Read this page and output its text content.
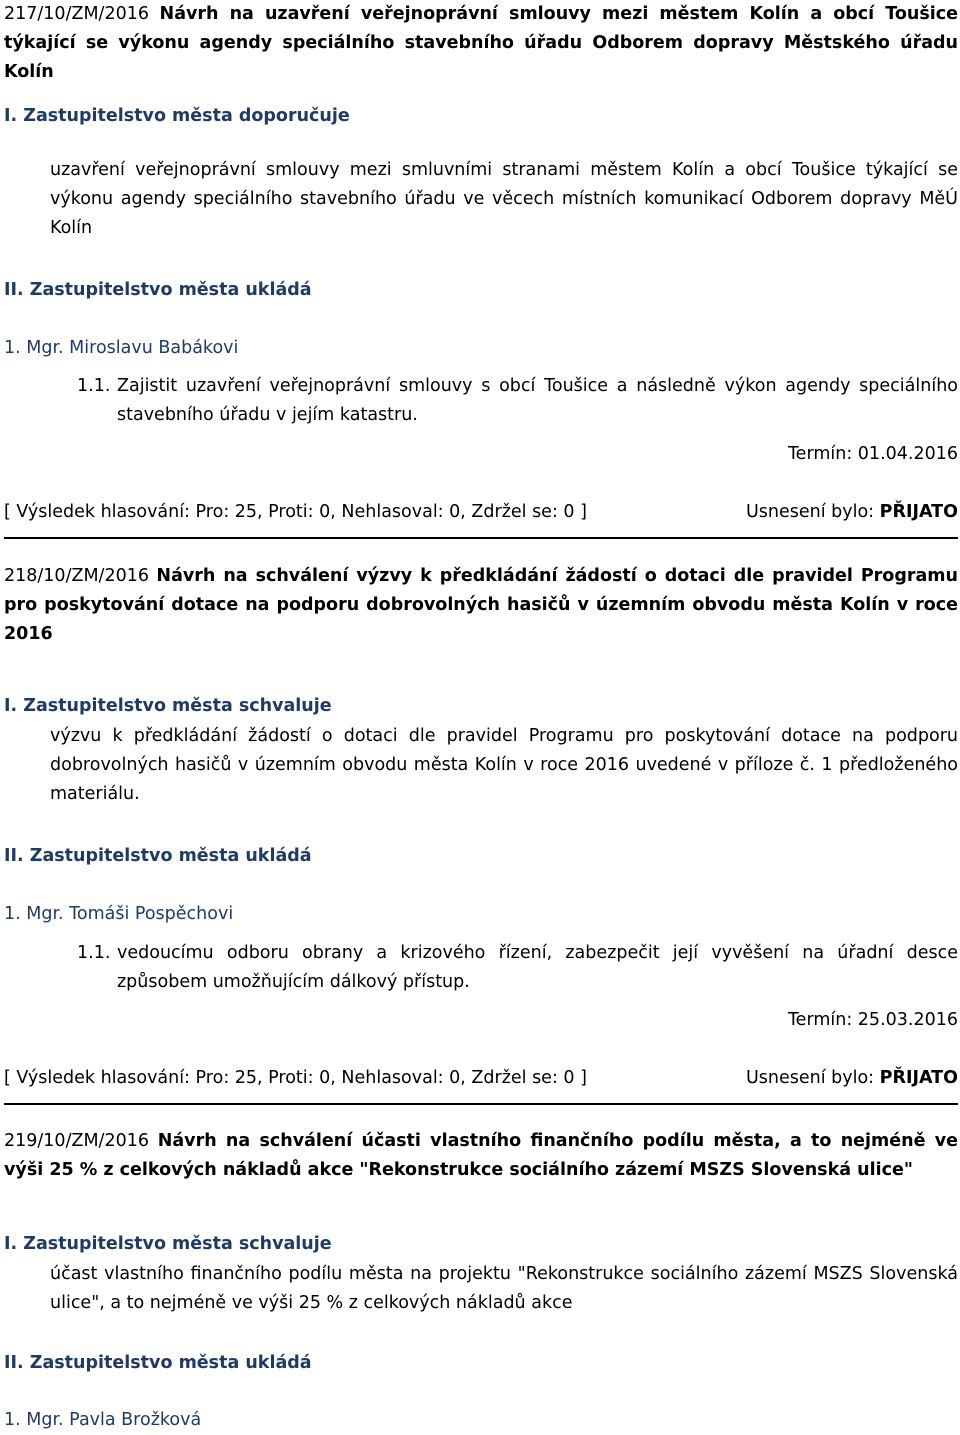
217/10/ZM/2016 Návrh na uzavření veřejnoprávní smlouvy mezi městem Kolín a obcí Toušice týkající se výkonu agendy speciálního stavebního úřadu Odborem dopravy Městského úřadu Kolín
I. Zastupitelstvo města doporučuje
uzavření veřejnoprávní smlouvy mezi smluvními stranami městem Kolín a obcí Toušice týkající se výkonu agendy speciálního stavebního úřadu ve věcech místních komunikací Odborem dopravy MěÚ Kolín
II. Zastupitelstvo města ukládá
1. Mgr. Miroslavu Babákovi
1.1. Zajistit uzavření veřejnoprávní smlouvy s obcí Toušice a následně výkon agendy speciálního stavebního úřadu v jejím katastru.
Termín: 01.04.2016
[ Výsledek hlasování: Pro: 25, Proti: 0, Nehlasoval: 0, Zdržel se: 0 ]	Usnesení bylo: PŘIJATO
218/10/ZM/2016 Návrh na schválení výzvy k předkládání žádostí o dotaci dle pravidel Programu pro poskytování dotace na podporu dobrovolných hasičů v územním obvodu města Kolín v roce 2016
I. Zastupitelstvo města schvaluje
výzvu k předkládání žádostí o dotaci dle pravidel Programu pro poskytování dotace na podporu dobrovolných hasičů v územním obvodu města Kolín v roce 2016 uvedené v příloze č. 1 předloženého materiálu.
II. Zastupitelstvo města ukládá
1. Mgr. Tomáši Pospěchovi
1.1. vedoucímu odboru obrany a krizového řízení, zabezpečit její vyvěšení na úřadní desce způsobem umožňujícím dálkový přístup.
Termín: 25.03.2016
[ Výsledek hlasování: Pro: 25, Proti: 0, Nehlasoval: 0, Zdržel se: 0 ]	Usnesení bylo: PŘIJATO
219/10/ZM/2016 Návrh na schválení účasti vlastního finančního podílu města, a to nejméně ve výši 25 % z celkových nákladů akce "Rekonstrukce sociálního zázemí MSZS Slovenská ulice"
I. Zastupitelstvo města schvaluje
účast vlastního finančního podílu města na projektu "Rekonstrukce sociálního zázemí MSZS Slovenská ulice", a to nejméně ve výši 25 % z celkových nákladů akce
II. Zastupitelstvo města ukládá
1. Mgr. Pavla Brožková
